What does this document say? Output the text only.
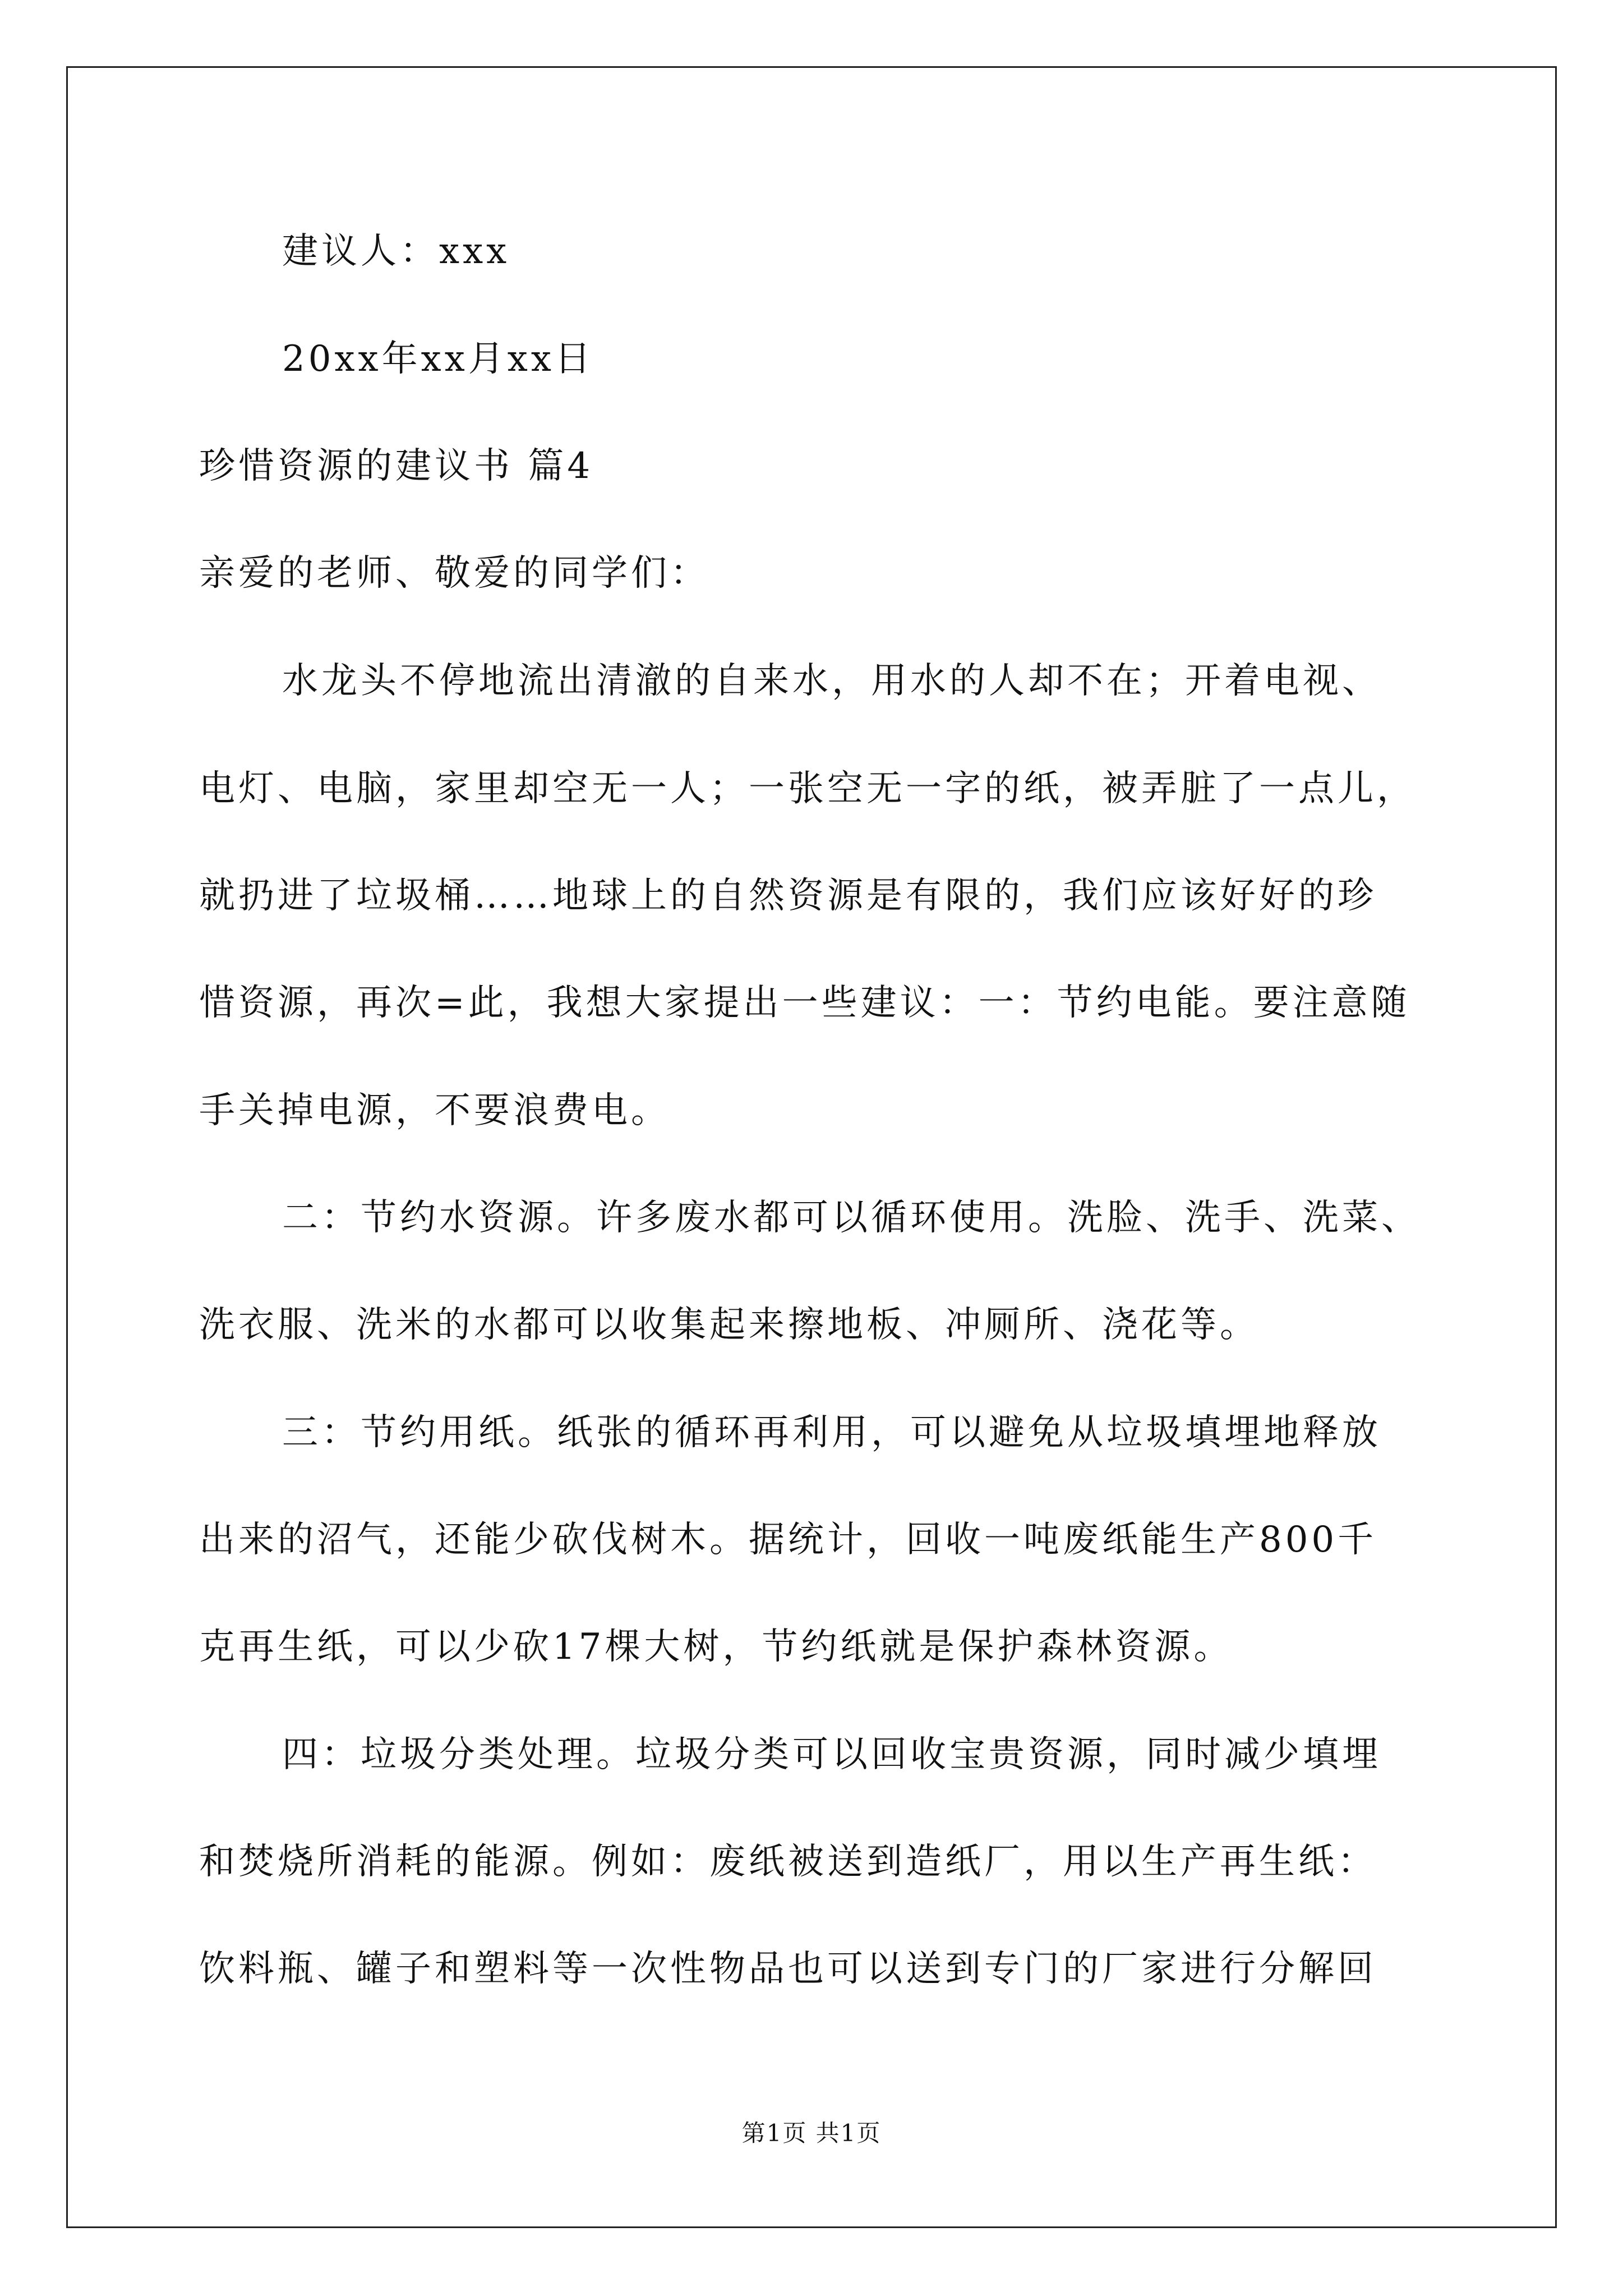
建议人：xxx
20xx年xx月xx日
珍惜资源的建议书 篇4
亲爱的老师、敬爱的同学们：
水龙头不停地流出清澈的自来水，用水的人却不在；开着电视、
电灯、电脑，家里却空无一人；一张空无一字的纸，被弄脏了一点儿，
就扔进了垃圾桶……地球上的自然资源是有限的，我们应该好好的珍
惜资源，再次=此，我想大家提出一些建议：一：节约电能。要注意随
手关掉电源，不要浪费电。
二：节约水资源。许多废水都可以循环使用。洗脸、洗手、洗菜、
洗衣服、洗米的水都可以收集起来擦地板、冲厕所、浇花等。
三：节约用纸。纸张的循环再利用，可以避免从垃圾填埋地释放
出来的沼气，还能少砍伐树木。据统计，回收一吨废纸能生产800千
克再生纸，可以少砍17棵大树，节约纸就是保护森林资源。
四：垃圾分类处理。垃圾分类可以回收宝贵资源，同时减少填埋
和焚烧所消耗的能源。例如：废纸被送到造纸厂，用以生产再生纸：
饮料瓶、罐子和塑料等一次性物品也可以送到专门的厂家进行分解回
第1页 共1页
